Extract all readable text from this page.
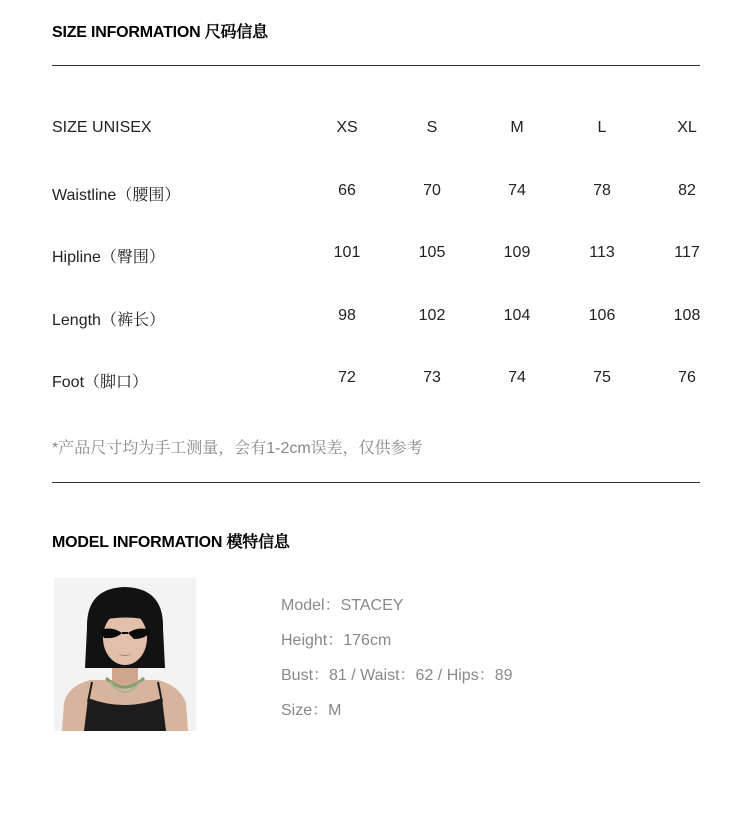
SIZE INFORMATION 尺码信息
SIZE UNISEX	XS	S	M	L	XL
Waistline（腰围）	66	70	74	78	82
Hipline（臀围）	101	105	109	113	117
Length（裤长）	98	102	104	106	108
Foot（脚口）	72	73	74	75	76
*产品尺寸均为手工测量，会有1-2cm误差，仅供参考
MODEL INFORMATION 模特信息
Model：STACEY
Height：176cm
Bust：81 / Waist：62 / Hips：89
Size：M
